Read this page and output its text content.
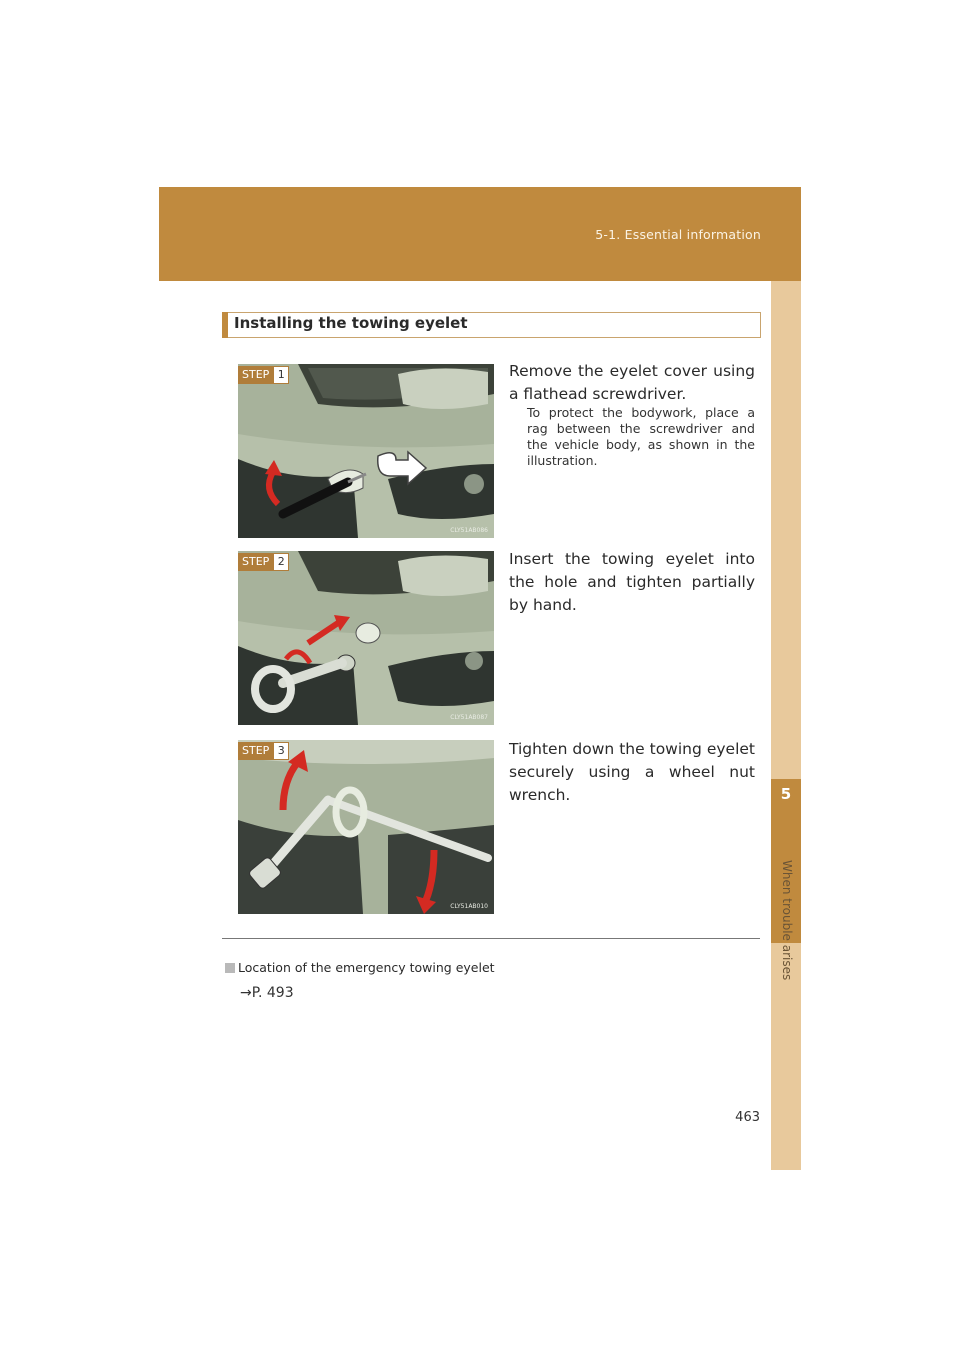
5-1. Essential information
5
When trouble arises
Installing the towing eyelet
STEP 1
CLY51AB086
Remove the eyelet cover using a flathead screwdriver.
To protect the bodywork, place a rag between the screwdriver and the vehicle body, as shown in the illustration.
STEP 2
CLY51AB087
Insert the towing eyelet into the hole and tighten partially by hand.
STEP 3
CLY51AB010
Tighten down the towing eyelet securely using a wheel nut wrench.
Location of the emergency towing eyelet
→P. 493
463
